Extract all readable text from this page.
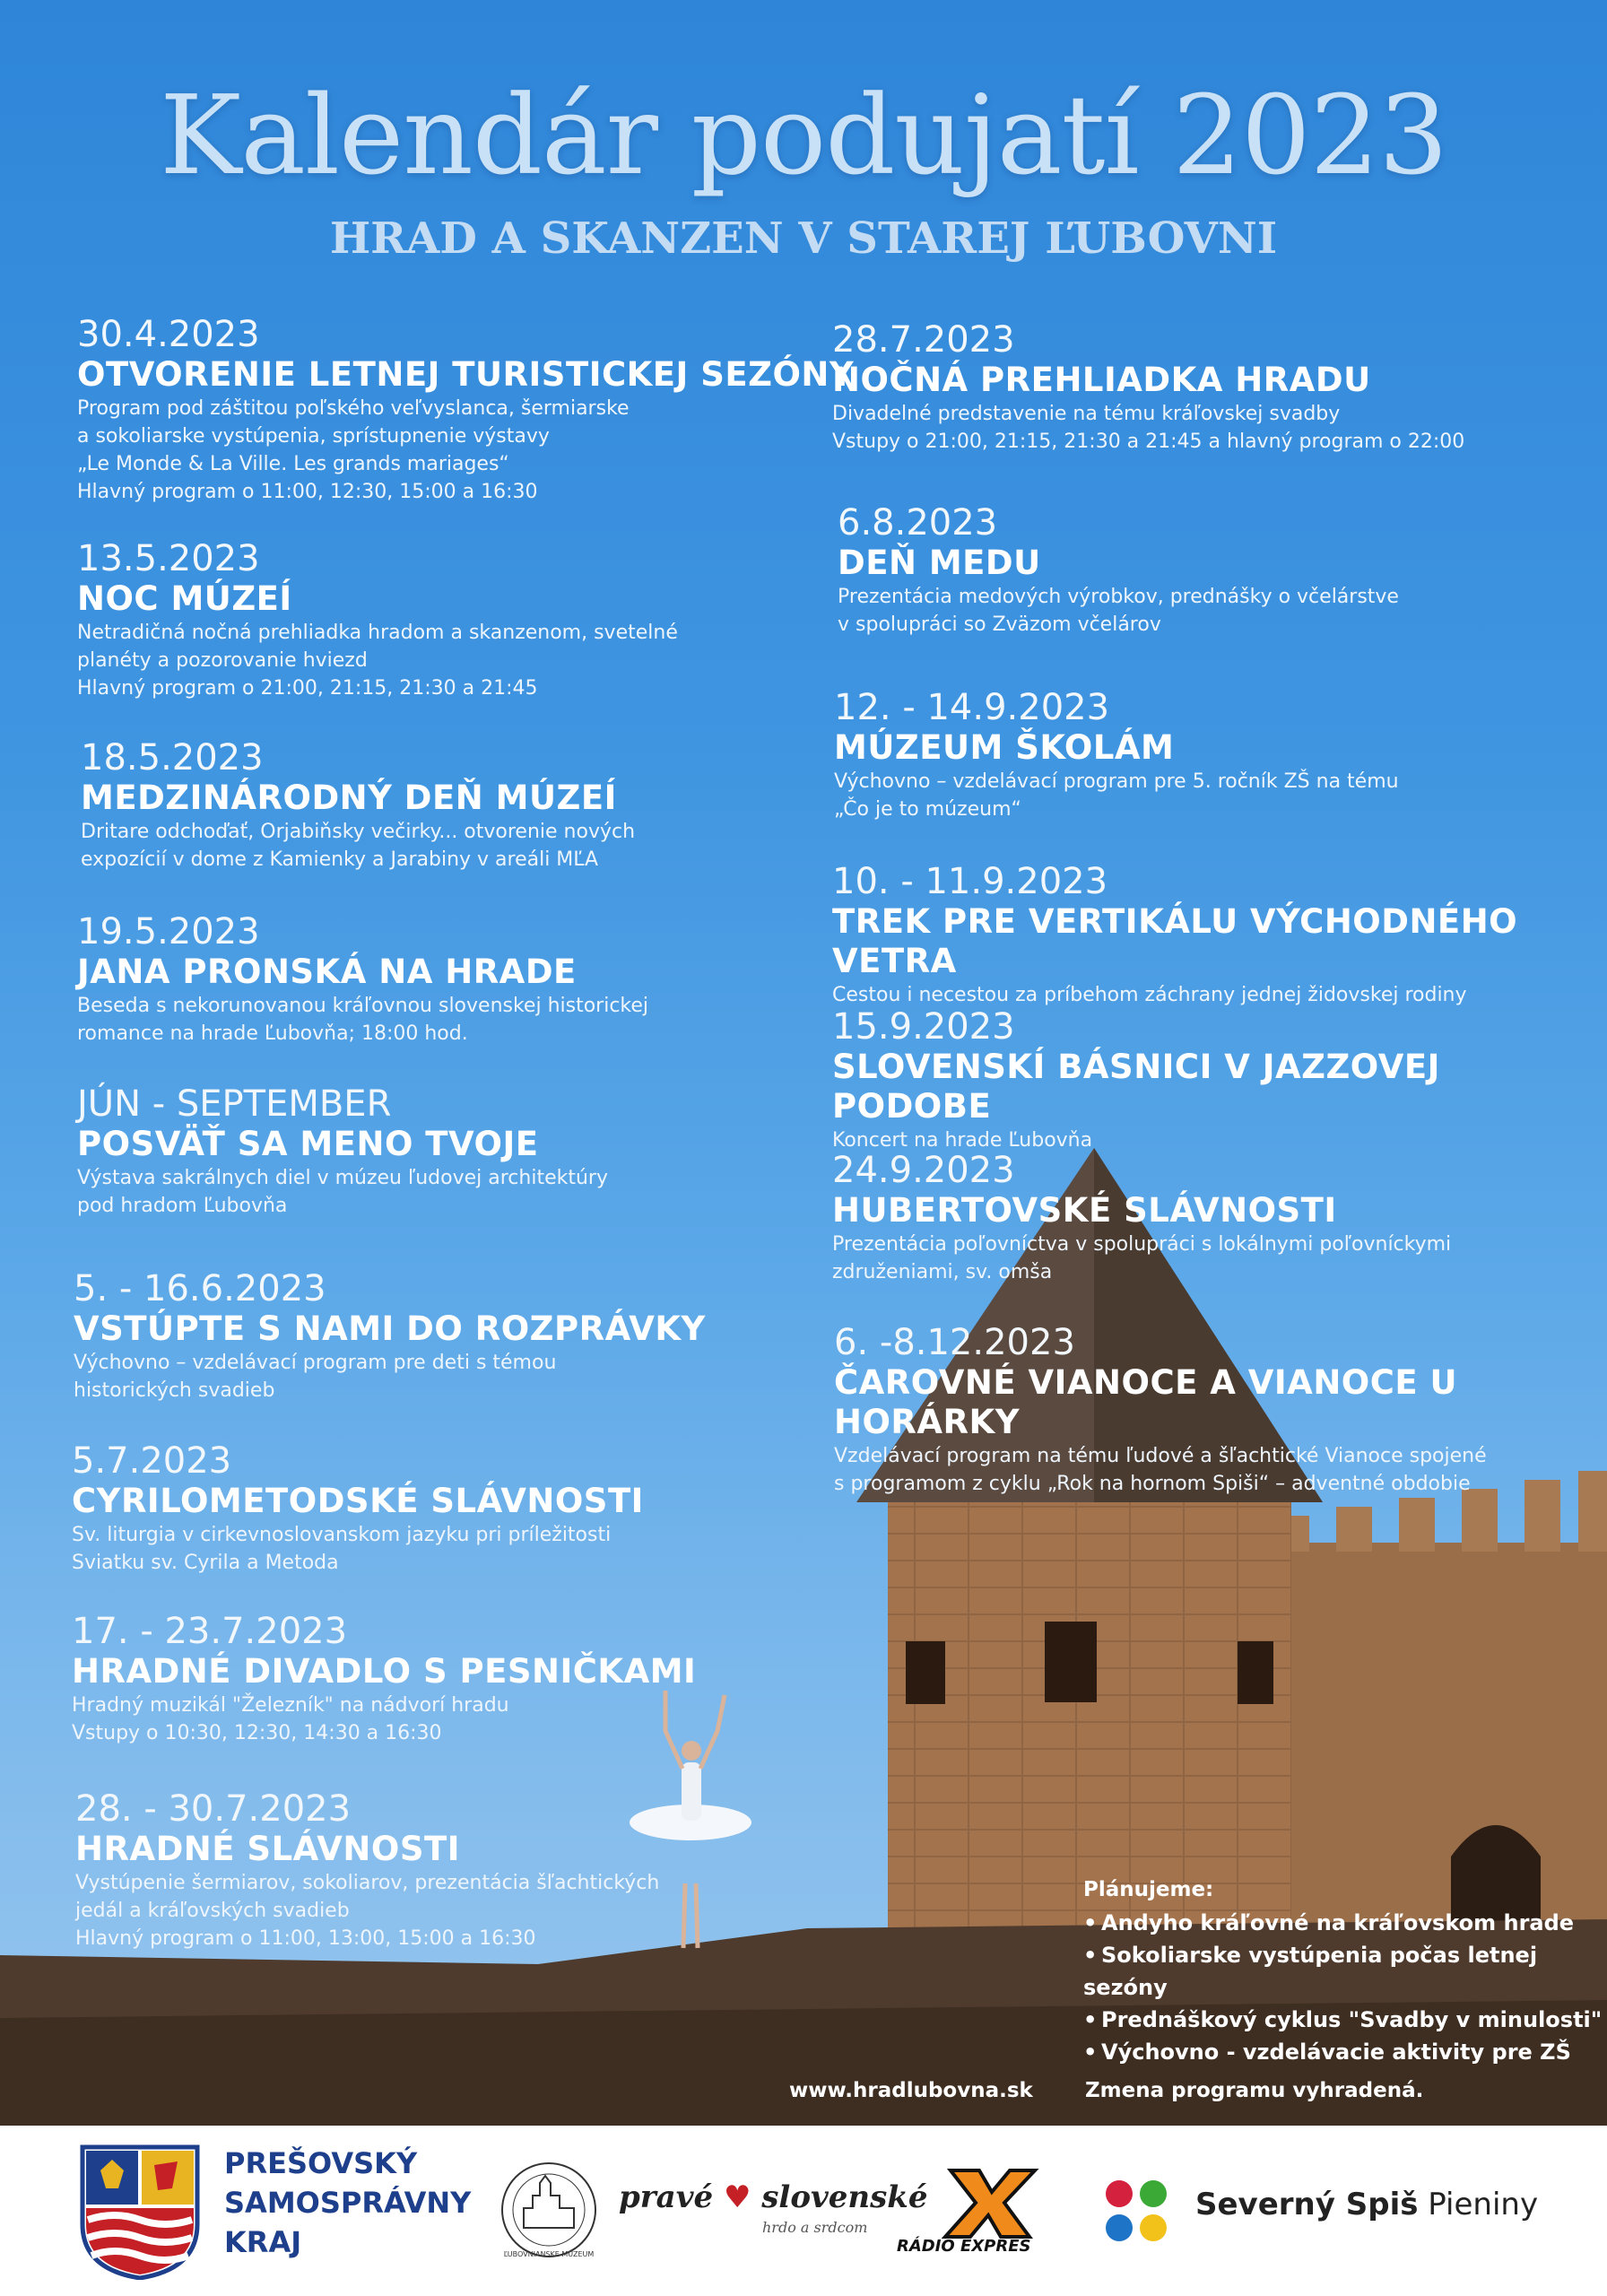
Kalendár podujatí 2023
HRAD A SKANZEN V STAREJ ĽUBOVNI
30.4.2023
OTVORENIE LETNEJ TURISTICKEJ SEZÓNY
Program pod záštitou poľského veľvyslanca, šermiarske
a sokoliarske vystúpenia, sprístupnenie výstavy
„Le Monde & La Ville. Les grands mariages“
Hlavný program o 11:00, 12:30, 15:00 a 16:30
13.5.2023
NOC MÚZEÍ
Netradičná nočná prehliadka hradom a skanzenom, svetelné
planéty a pozorovanie hviezd
Hlavný program o 21:00, 21:15, 21:30 a 21:45
18.5.2023
MEDZINÁRODNÝ DEŇ MÚZEÍ
Dritare odchoďať, Orjabiňsky večirky... otvorenie nových
expozícií v dome z Kamienky a Jarabiny v areáli MĽA
19.5.2023
JANA PRONSKÁ NA HRADE
Beseda s nekorunovanou kráľovnou slovenskej historickej
romance na hrade Ľubovňa; 18:00 hod.
JÚN - SEPTEMBER
POSVÄŤ SA MENO TVOJE
Výstava sakrálnych diel v múzeu ľudovej architektúry
pod hradom Ľubovňa
5. - 16.6.2023
VSTÚPTE S NAMI DO ROZPRÁVKY
Výchovno – vzdelávací program pre deti s témou
historických svadieb
5.7.2023
CYRILOMETODSKÉ SLÁVNOSTI
Sv. liturgia v cirkevnoslovanskom jazyku pri príležitosti
Sviatku sv. Cyrila a Metoda
17. - 23.7.2023
HRADNÉ DIVADLO S PESNIČKAMI
Hradný muzikál "Železník" na nádvorí hradu
Vstupy o 10:30, 12:30, 14:30 a 16:30
28. - 30.7.2023
HRADNÉ SLÁVNOSTI
Vystúpenie šermiarov, sokoliarov, prezentácia šľachtických
jedál a kráľovských svadieb
Hlavný program o 11:00, 13:00, 15:00 a 16:30
28.7.2023
NOČNÁ PREHLIADKA HRADU
Divadelné predstavenie na tému kráľovskej svadby
Vstupy o 21:00, 21:15, 21:30 a 21:45 a hlavný program o 22:00
6.8.2023
DEŇ MEDU
Prezentácia medových výrobkov, prednášky o včelárstve
v spolupráci so Zväzom včelárov
12. - 14.9.2023
MÚZEUM ŠKOLÁM
Výchovno – vzdelávací program pre 5. ročník ZŠ na tému
„Čo je to múzeum“
10. - 11.9.2023
TREK PRE VERTIKÁLU VÝCHODNÉHO VETRA
Cestou i necestou za príbehom záchrany jednej židovskej rodiny
15.9.2023
SLOVENSKÍ BÁSNICI V JAZZOVEJ PODOBE
Koncert na hrade Ľubovňa
24.9.2023
HUBERTOVSKÉ SLÁVNOSTI
Prezentácia poľovníctva v spolupráci s lokálnymi poľovníckymi
združeniami, sv. omša
6. -8.12.2023
ČAROVNÉ VIANOCE A VIANOCE U HORÁRKY
Vzdelávací program na tému ľudové a šľachtické Vianoce spojené
s programom z cyklu „Rok na hornom Spiši“ – adventné obdobie
Plánujeme:
• Andyho kráľovné na kráľovskom hrade
• Sokoliarske vystúpenia počas letnej sezóny
• Prednáškový cyklus "Svadby v minulosti"
• Výchovno - vzdelávacie aktivity pre ZŠ
www.hradlubovna.sk	Zmena programu vyhradená.
PREŠOVSKÝ
SAMOSPRÁVNY
KRAJ	ĽUBOVNIANSKE MÚZEUM
pravé ♥ slovenské
hrdo a srdcom
RÁDIO EXPRES
Severný Spiš Pieniny
